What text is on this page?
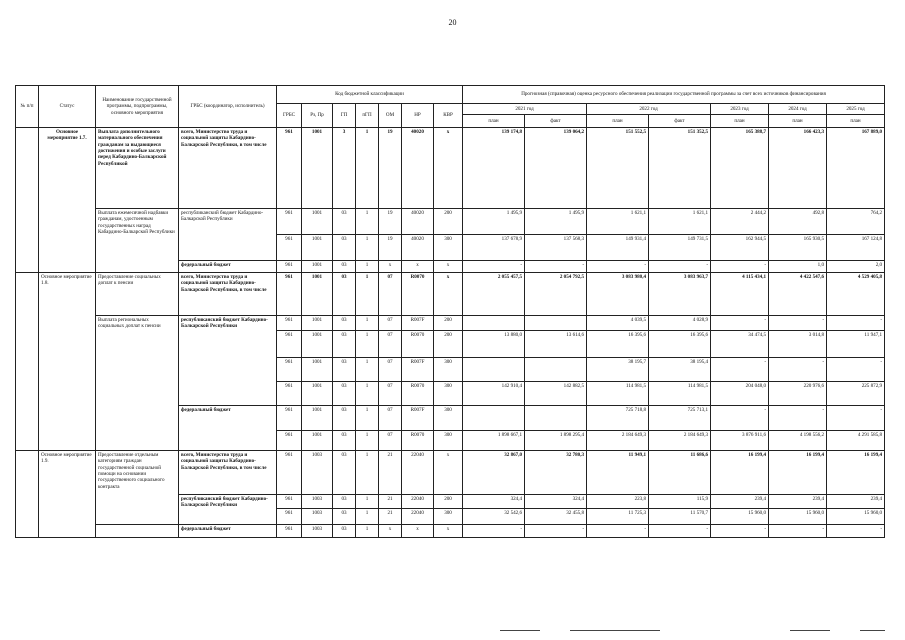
20
№ п/п	Статус	Наименование государственной программы, подпрограммы, основного мероприятия	ГРБС (координатор, исполнитель)	Код бюджетной классификации							Прогнозная (справочная) оценка ресурсного обеспечения реализации государственной программы за счет всех источников финансирования						
				ГРБС	Рз, Пр	ГП	пГП	ОМ	НР	КВР	2021 год		2022 год		2023 год	2024 год	2025 год
											план	факт	план	факт	план	план	план
	Основное мероприятие 1.7.	Выплата дополнительного материального обеспечения гражданам за выдающиеся достижения и особые заслуги перед Кабардино-Балкарской Республикой	всего, Министерство труда и социальной защиты Кабардино-Балкарской Республики, в том числе	961	1001	3	1	19	40020	х	139 174,8	139 064,2	151 552,5	151 352,5	165 388,7	166 423,3	167 889,0
		Выплата ежемесячной надбавки гражданам, удостоенным государственных наград Кабардино-Балкарской Республики	республиканский бюджет Кабардино-Балкарской Республики	961	1001	03	1	19	40020	200	1 495,9	1 495,9	1 621,1	1 621,1	2 444,2	492,8	764,2
				961	1001	03	1	19	40020	300	137 678,9	137 568,3	149 931,4	149 731,5	162 944,5	165 930,5	167 124,8
			федеральный бюджет	961	1001	03	1	х	х	х	-	-	-	-	-	1,0	2,0
	Основное мероприятие 1.8.	Предоставление социальных доплат к пенсии	всего, Министерство труда и социальной защиты Кабардино-Балкарской Республики, в том числе	961	1001	03	1	07	R0070	х	2 055 457,5	2 054 792,5	3 083 980,4	3 083 963,7	4 115 434,1	4 422 547,6	4 529 405,8
		Выплата региональных социальных доплат к пенсии	республиканский бюджет Кабардино-Балкарской Республики	961	1001	03	1	07	R007F	200			4 039,5	4 028,9	-	-	-
				961	1001	03	1	07	R0070	200	13 880,0	13 614,6	16 395,6	16 395,6	34 474,5	3 014,8	11 947,1
				961	1001	03	1	07	R007F	300			38 195,7	38 195,4	-	-	-
				961	1001	03	1	07	R0070	300	142 910,4	142 882,5	114 981,5	114 981,5	204 048,0	220 976,6	225 872,9
			федеральный бюджет	961	1001	03	1	07	R007F	300			725 718,8	725 713,1	-	-	-
				961	1001	03	1	07	R0070	300	1 898 667,1	1 898 295,4	2 184 649,3	2 184 649,3	3 876 911,6	4 198 556,2	4 291 585,8
	Основное мероприятие 1.9.	Предоставление отдельным категориям граждан государственной социальной помощи на основании государственного социального контракта	всего, Министерство труда и социальной защиты Кабардино-Балкарской Республики, в том числе	961	1003	03	1	21	22040	х	32 867,0	32 780,3	11 949,1	11 686,6	16 199,4	16 199,4	16 199,4
			республиканский бюджет Кабардино-Балкарской Республики	961	1003	03	1	21	22040	200	324,4	324,4	223,8	115,9	239,4	239,4	239,4
				961	1003	03	1	21	22040	300	32 542,6	32 455,8	11 725,3	11 570,7	15 960,0	15 960,0	15 960,0
			федеральный бюджет	961	1003	03	1	х	х	х	-	-	-	-	-	-	-
